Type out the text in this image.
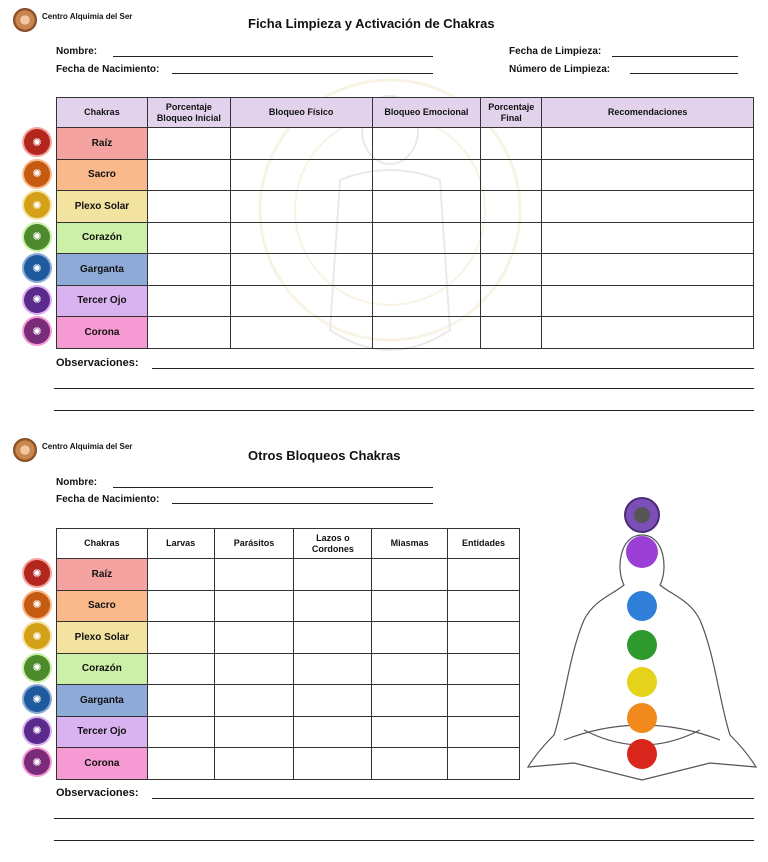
Centro Alquimia del Ser	Ficha Limpieza y Activación de Chakras
Nombre:
Fecha de Nacimiento:
Fecha de Limpieza:
Número de Limpieza:
Chakras	Porcentaje Bloqueo Inicial	Bloqueo Físico	Bloqueo Emocional	Porcentaje Final	Recomendaciones
Raíz					
Sacro					
Plexo Solar					
Corazón					
Garganta					
Tercer Ojo					
Corona					
✺
✺
✺
✺
✺
✺
✺
Observaciones:
Centro Alquimia del Ser
Otros Bloqueos Chakras
Nombre:
Fecha de Nacimiento:
Chakras	Larvas	Parásitos	Lazos o Cordones	Miasmas	Entidades
Raíz					
Sacro					
Plexo Solar					
Corazón					
Garganta					
Tercer Ojo					
Corona					
✺
✺
✺
✺
✺
✺
✺
Observaciones:
